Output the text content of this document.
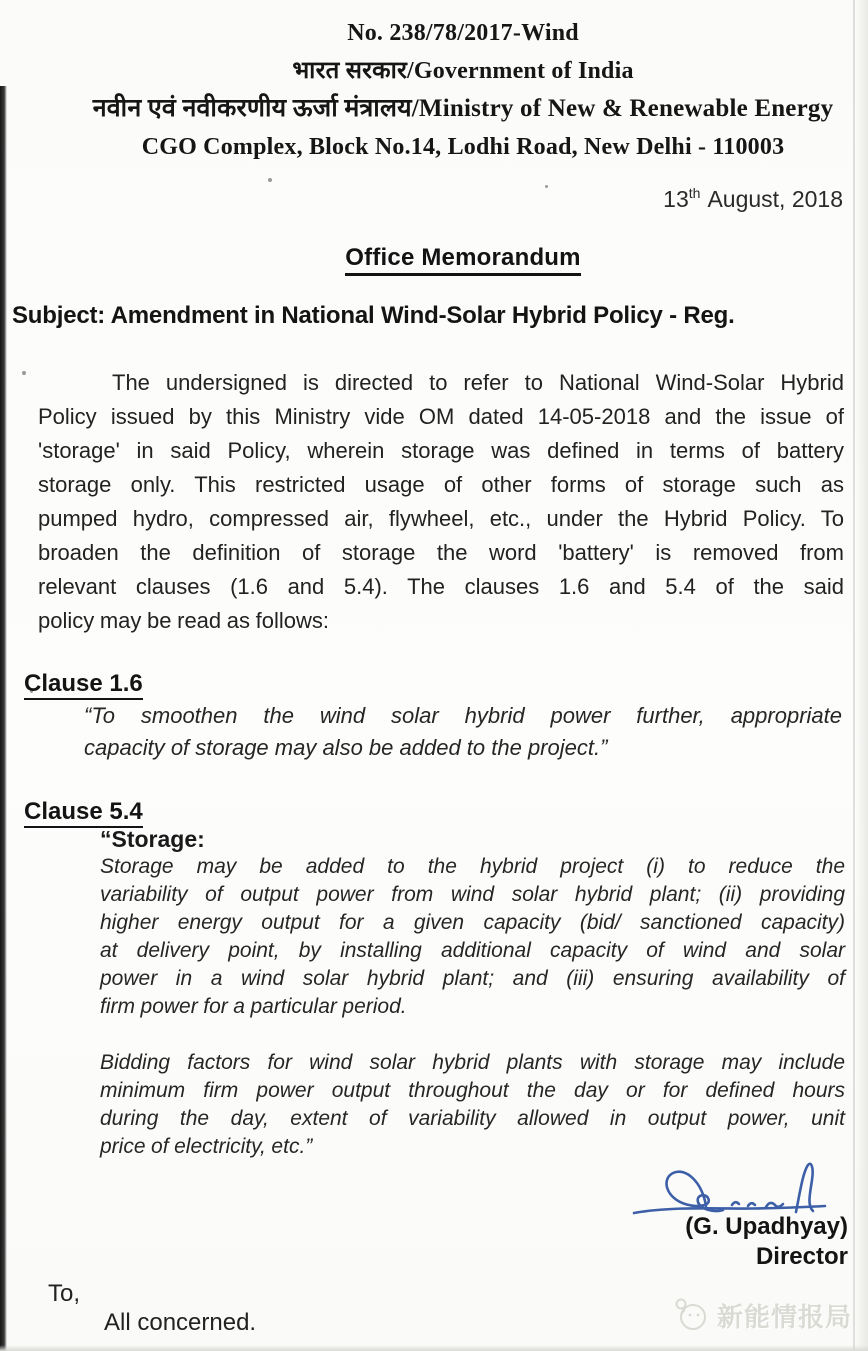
No. 238/78/2017-Wind
भारत सरकार/Government of India
नवीन एवं नवीकरणीय ऊर्जा मंत्रालय/Ministry of New & Renewable Energy
CGO Complex, Block No.14, Lodhi Road, New Delhi - 110003
13th August, 2018
Office Memorandum
Subject: Amendment in National Wind-Solar Hybrid Policy - Reg.
The undersigned is directed to refer to National Wind-Solar Hybrid
Policy issued by this Ministry vide OM dated 14-05-2018 and the issue of
'storage' in said Policy, wherein storage was defined in terms of battery
storage only. This restricted usage of other forms of storage such as
pumped hydro, compressed air, flywheel, etc., under the Hybrid Policy. To
broaden the definition of storage the word 'battery' is removed from
relevant clauses (1.6 and 5.4). The clauses 1.6 and 5.4 of the said
policy may be read as follows:
Clause 1.6
“To smoothen the wind solar hybrid power further, appropriate
capacity of storage may also be added to the project.”
Clause 5.4
“Storage:
Storage may be added to the hybrid project (i) to reduce the
variability of output power from wind solar hybrid plant; (ii) providing
higher energy output for a given capacity (bid/ sanctioned capacity)
at delivery point, by installing additional capacity of wind and solar
power in a wind solar hybrid plant; and (iii) ensuring availability of
firm power for a particular period.
Bidding factors for wind solar hybrid plants with storage may include
minimum firm power output throughout the day or for defined hours
during the day, extent of variability allowed in output power, unit
price of electricity, etc.”
(G. Upadhyay)
Director
To,
All concerned.	新能情报局
